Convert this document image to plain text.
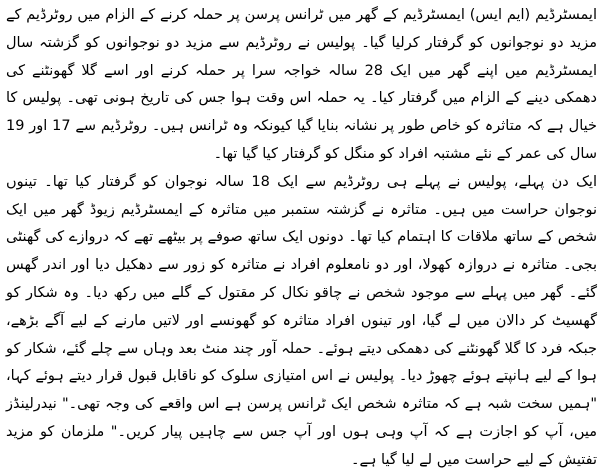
ایمسٹرڈیم (ایم ایس) ایمسٹرڈیم کے گھر میں ٹرانس پرسن پر حملہ کرنے کے الزام میں روٹرڈیم کے مزید دو نوجوانوں کو گرفتار کرلیا گیا۔ پولیس نے روٹرڈیم سے مزید دو نوجوانوں کو گزشتہ سال ایمسٹرڈیم میں اپنے گھر میں ایک 28 سالہ خواجہ سرا پر حملہ کرنے اور اسے گلا گھونٹنے کی دھمکی دینے کے الزام میں گرفتار کیا۔ یہ حملہ اس وقت ہوا جس کی تاریخ ہونی تھی۔ پولیس کا خیال ہے کہ متاثرہ کو خاص طور پر نشانہ بنایا گیا کیونکہ وہ ٹرانس ہیں۔ روٹرڈیم سے 17 اور 19 سال کی عمر کے نئے مشتبہ افراد کو منگل کو گرفتار کیا گیا تھا۔

ایک دن پہلے، پولیس نے پہلے ہی روٹرڈیم سے ایک 18 سالہ نوجوان کو گرفتار کیا تھا۔ تینوں نوجوان حراست میں ہیں۔ متاثرہ نے گزشتہ ستمبر میں متاثرہ کے ایمسٹرڈیم زیوڈ گھر میں ایک شخص کے ساتھ ملاقات کا اہتمام کیا تھا۔ دونوں ایک ساتھ صوفے پر بیٹھے تھے کہ دروازے کی گھنٹی بجی۔ متاثرہ نے دروازہ کھولا، اور دو نامعلوم افراد نے متاثرہ کو زور سے دھکیل دیا اور اندر گھس گئے۔ گھر میں پہلے سے موجود شخص نے چاقو نکال کر مقتول کے گلے میں رکھ دیا۔ وہ شکار کو گھسیٹ کر دالان میں لے گیا، اور تینوں افراد متاثرہ کو گھونسے اور لاتیں مارنے کے لیے آگے بڑھے، جبکہ فرد کا گلا گھونٹنے کی دھمکی دیتے ہوئے۔ حملہ آور چند منٹ بعد وہاں سے چلے گئے، شکار کو ہوا کے لیے ہانپتے ہوئے چھوڑ دیا۔ پولیس نے اس امتیازی سلوک کو ناقابل قبول قرار دیتے ہوئے کہا، "ہمیں سخت شبہ ہے کہ متاثرہ شخص ایک ٹرانس پرسن ہے اس واقعے کی وجہ تھی۔" نیدرلینڈز میں، آپ کو اجازت ہے کہ آپ وہی ہوں اور آپ جس سے چاہیں پیار کریں۔" ملزمان کو مزید تفتیش کے لیے حراست میں لے لیا گیا ہے۔
